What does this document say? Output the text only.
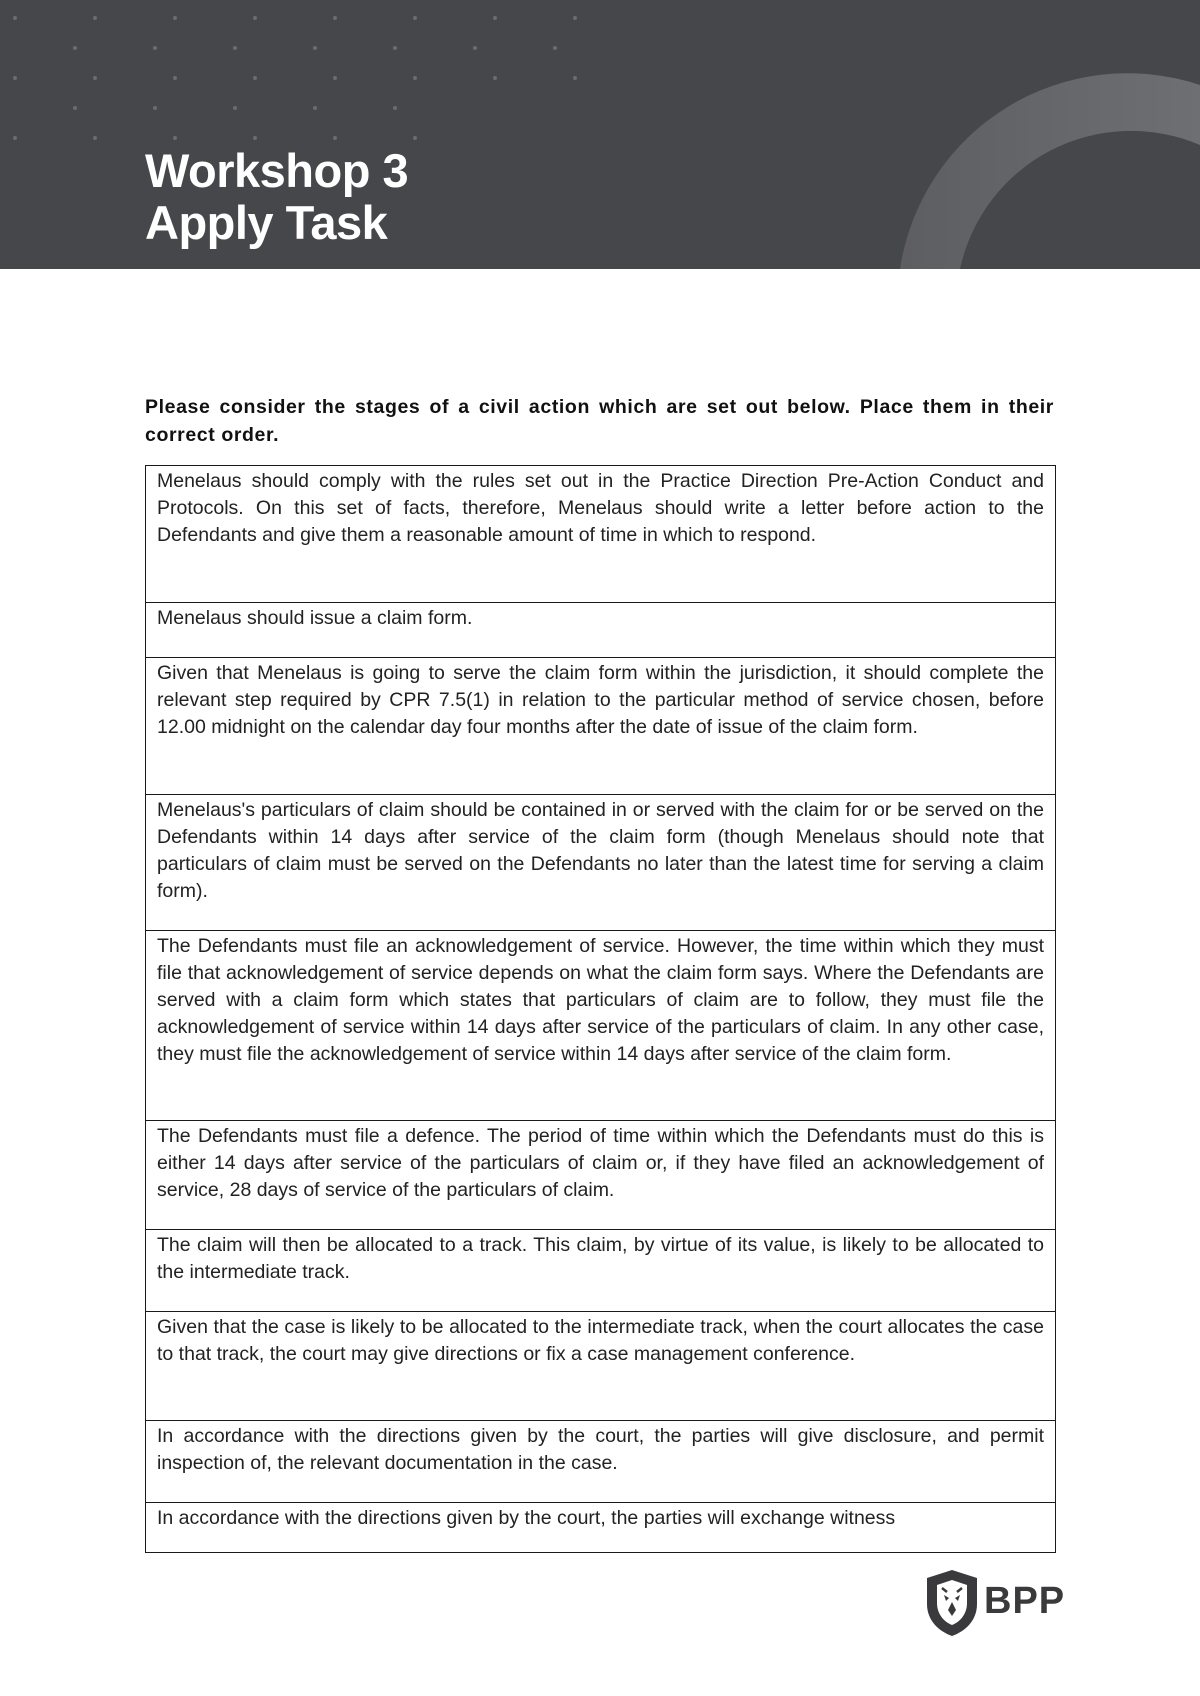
Workshop 3
Apply Task

Please consider the stages of a civil action which are set out below. Place them in their correct order.

Menelaus should comply with the rules set out in the Practice Direction Pre-Action Conduct and Protocols. On this set of facts, therefore, Menelaus should write a letter before action to the Defendants and give them a reasonable amount of time in which to respond.
Menelaus should issue a claim form.
Given that Menelaus is going to serve the claim form within the jurisdiction, it should complete the relevant step required by CPR 7.5(1) in relation to the particular method of service chosen, before 12.00 midnight on the calendar day four months after the date of issue of the claim form.
Menelaus's particulars of claim should be contained in or served with the claim for or be served on the Defendants within 14 days after service of the claim form (though Menelaus should note that particulars of claim must be served on the Defendants no later than the latest time for serving a claim form).
The Defendants must file an acknowledgement of service. However, the time within which they must file that acknowledgement of service depends on what the claim form says. Where the Defendants are served with a claim form which states that particulars of claim are to follow, they must file the acknowledgement of service within 14 days after service of the particulars of claim. In any other case, they must file the acknowledgement of service within 14 days after service of the claim form.
The Defendants must file a defence. The period of time within which the Defendants must do this is either 14 days after service of the particulars of claim or, if they have filed an acknowledgement of service, 28 days of service of the particulars of claim.
The claim will then be allocated to a track. This claim, by virtue of its value, is likely to be allocated to the intermediate track.
Given that the case is likely to be allocated to the intermediate track, when the court allocates the case to that track, the court may give directions or fix a case management conference.
In accordance with the directions given by the court, the parties will give disclosure, and permit inspection of, the relevant documentation in the case.
In accordance with the directions given by the court, the parties will exchange witness
BPP
